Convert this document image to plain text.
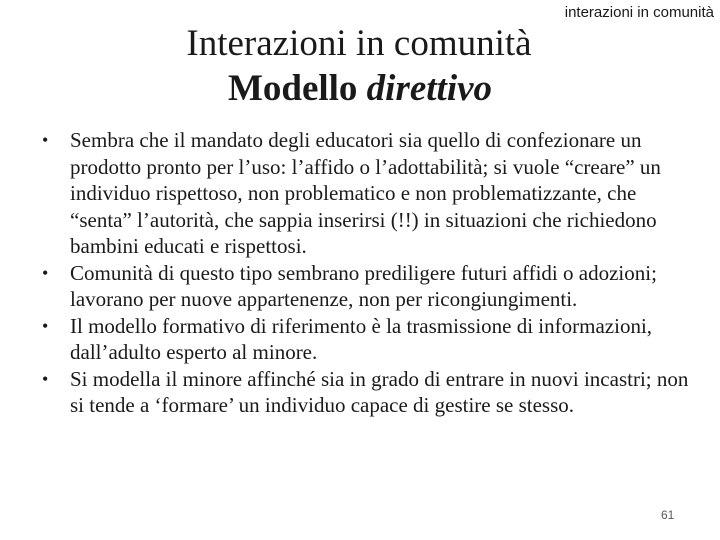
interazioni in comunità
Interazioni in comunità
Modello direttivo
• Sembra che il mandato degli educatori sia quello di confezionare un prodotto pronto per l’uso: l’affido o l’adottabilità; si vuole “creare” un individuo rispettoso, non problematico e non problematizzante, che “senta” l’autorità, che sappia inserirsi (!!) in situazioni che richiedono bambini educati e rispettosi.
• Comunità di questo tipo sembrano prediligere futuri affidi o adozioni; lavorano per nuove appartenenze, non per ricongiungimenti.
• Il modello formativo di riferimento è la trasmissione di informazioni, dall’adulto esperto al minore.
• Si modella il minore affinché sia in grado di entrare in nuovi incastri; non si tende a ‘formare’ un individuo capace di gestire se stesso.
61
